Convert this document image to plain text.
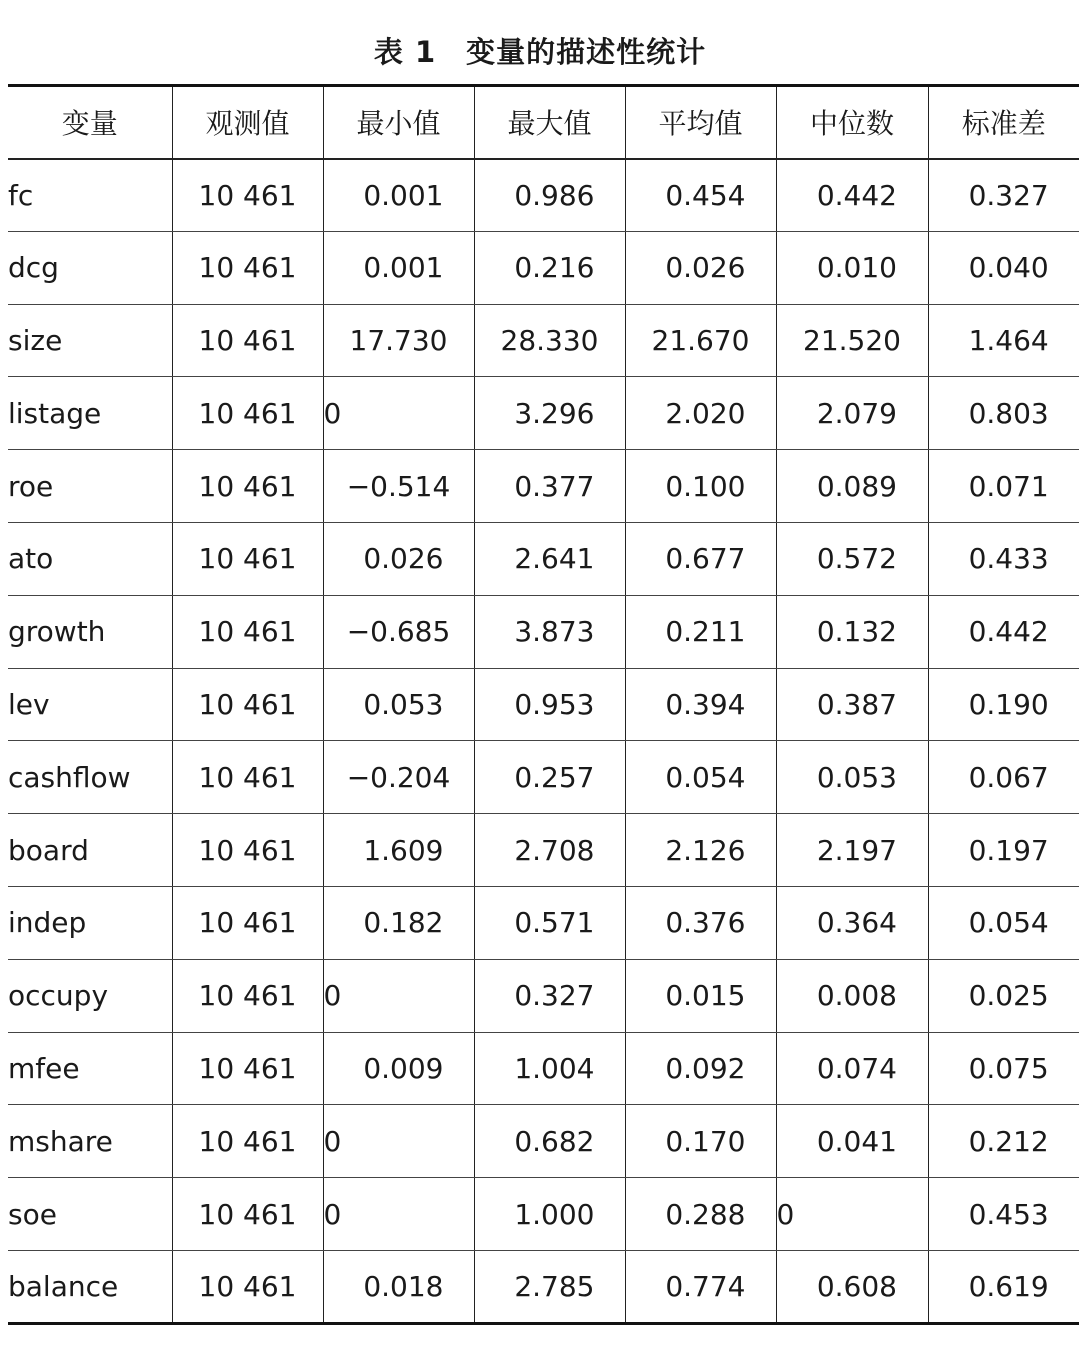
表 1　变量的描述性统计
变量	观测值	最小值	最大值	平均值	中位数	标准差
fc	10 461	0.001	0.986	0.454	0.442	0.327
dcg	10 461	0.001	0.216	0.026	0.010	0.040
size	10 461	17.730	28.330	21.670	21.520	1.464
listage	10 461	0	3.296	2.020	2.079	0.803
roe	10 461	−0.514	0.377	0.100	0.089	0.071
ato	10 461	0.026	2.641	0.677	0.572	0.433
growth	10 461	−0.685	3.873	0.211	0.132	0.442
lev	10 461	0.053	0.953	0.394	0.387	0.190
cashflow	10 461	−0.204	0.257	0.054	0.053	0.067
board	10 461	1.609	2.708	2.126	2.197	0.197
indep	10 461	0.182	0.571	0.376	0.364	0.054
occupy	10 461	0	0.327	0.015	0.008	0.025
mfee	10 461	0.009	1.004	0.092	0.074	0.075
mshare	10 461	0	0.682	0.170	0.041	0.212
soe	10 461	0	1.000	0.288	0	0.453
balance	10 461	0.018	2.785	0.774	0.608	0.619
